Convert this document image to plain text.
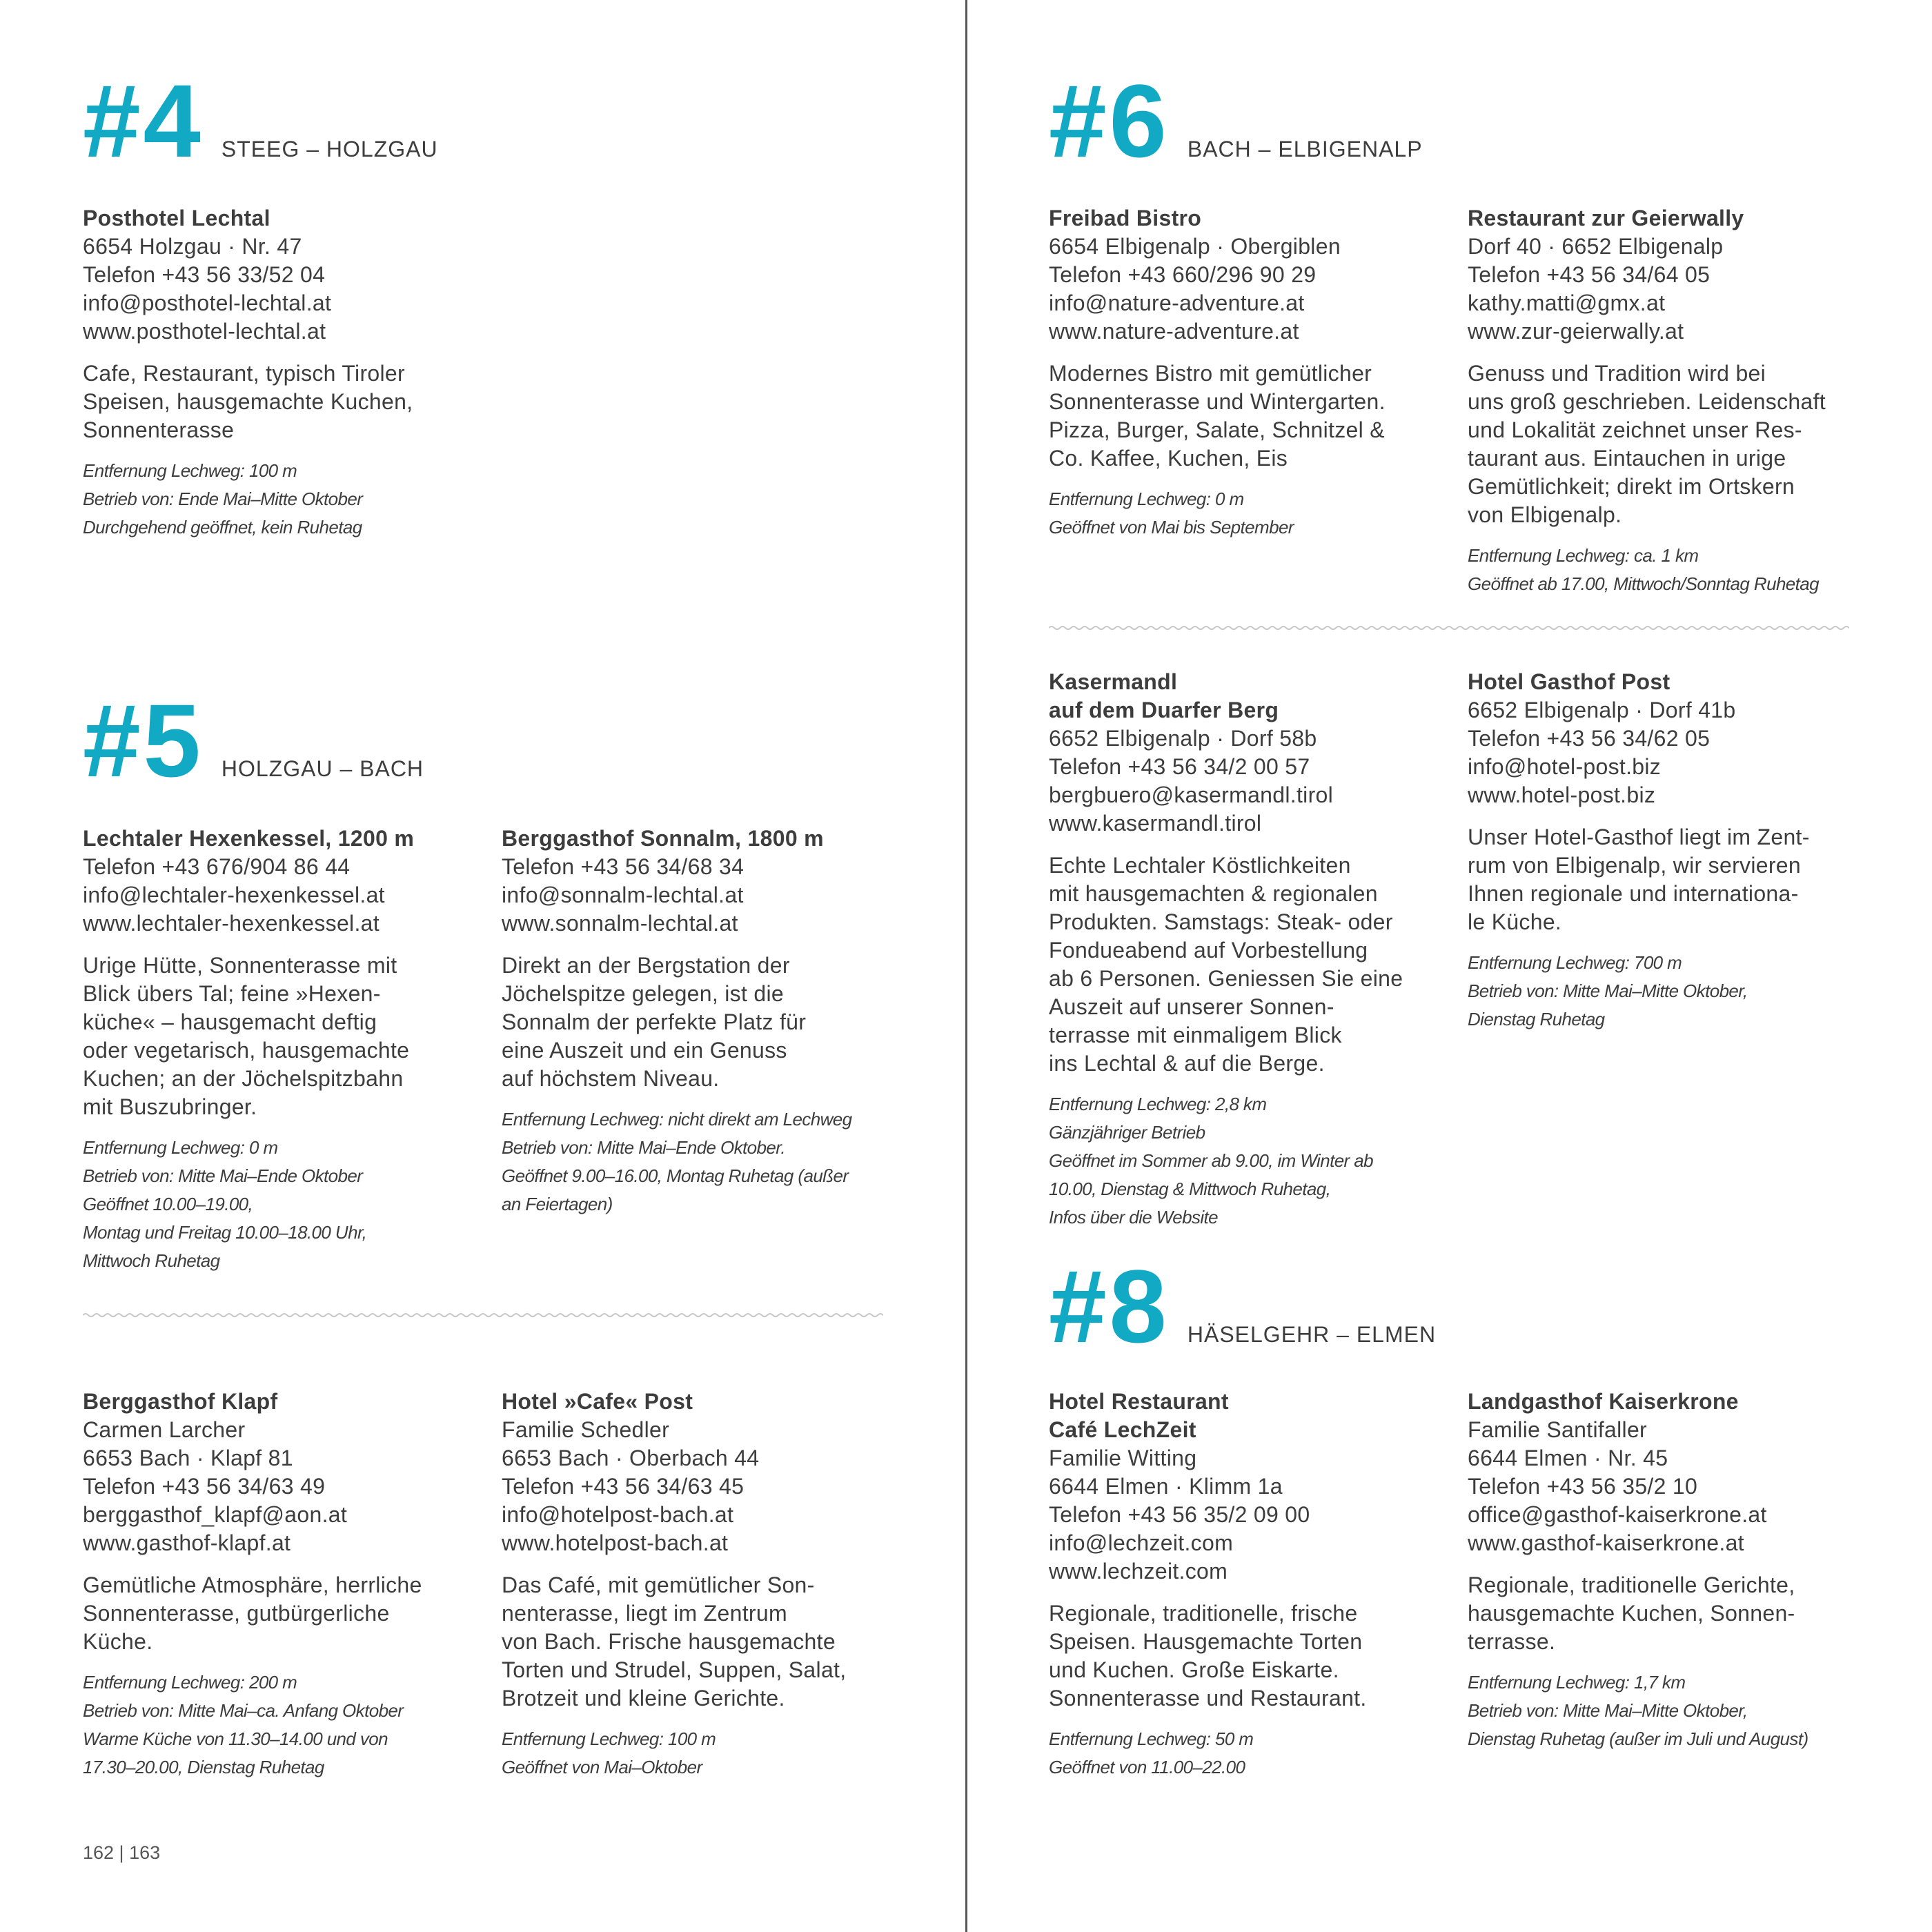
162 | 163
#4 STEEG – HOLZGAU
#5 HOLZGAU – BACH
#6 BACH – ELBIGENALP
#8 HÄSELGEHR – ELMEN
Posthotel Lechtal
6654 Holzgau · Nr. 47
Telefon +43 56 33/52 04
info@posthotel-lechtal.at
www.posthotel-lechtal.at
Cafe, Restaurant, typisch Tiroler
Speisen, hausgemachte Kuchen,
Sonnenterasse
Entfernung Lechweg: 100 m
Betrieb von: Ende Mai–Mitte Oktober
Durchgehend geöffnet, kein Ruhetag
Lechtaler Hexenkessel, 1200 m
Telefon +43 676/904 86 44
info@lechtaler-hexenkessel.at
www.lechtaler-hexenkessel.at
Urige Hütte, Sonnenterasse mit
Blick übers Tal; feine »Hexen-
küche« – hausgemacht deftig
oder vegetarisch, hausgemachte
Kuchen; an der Jöchelspitzbahn
mit Buszubringer.
Entfernung Lechweg: 0 m
Betrieb von: Mitte Mai–Ende Oktober
Geöffnet 10.00–19.00,
Montag und Freitag 10.00–18.00 Uhr,
Mittwoch Ruhetag
Berggasthof Sonnalm, 1800 m
Telefon +43 56 34/68 34
info@sonnalm-lechtal.at
www.sonnalm-lechtal.at
Direkt an der Bergstation der
Jöchelspitze gelegen, ist die
Sonnalm der perfekte Platz für
eine Auszeit und ein Genuss
auf höchstem Niveau.
Entfernung Lechweg: nicht direkt am Lechweg
Betrieb von: Mitte Mai–Ende Oktober.
Geöffnet 9.00–16.00, Montag Ruhetag (außer
an Feiertagen)
Berggasthof Klapf
Carmen Larcher
6653 Bach · Klapf 81
Telefon +43 56 34/63 49
berggasthof_klapf@aon.at
www.gasthof-klapf.at
Gemütliche Atmosphäre, herrliche
Sonnenterasse, gutbürgerliche
Küche.
Entfernung Lechweg: 200 m
Betrieb von: Mitte Mai–ca. Anfang Oktober
Warme Küche von 11.30–14.00 und von
17.30–20.00, Dienstag Ruhetag
Hotel »Cafe« Post
Familie Schedler
6653 Bach · Oberbach 44
Telefon +43 56 34/63 45
info@hotelpost-bach.at
www.hotelpost-bach.at
Das Café, mit gemütlicher Son-
nenterasse, liegt im Zentrum
von Bach. Frische hausgemachte
Torten und Strudel, Suppen, Salat,
Brotzeit und kleine Gerichte.
Entfernung Lechweg: 100 m
Geöffnet von Mai–Oktober
Freibad Bistro
6654 Elbigenalp · Obergiblen
Telefon +43 660/296 90 29
info@nature-adventure.at
www.nature-adventure.at
Modernes Bistro mit gemütlicher
Sonnenterasse und Wintergarten.
Pizza, Burger, Salate, Schnitzel &
Co. Kaffee, Kuchen, Eis
Entfernung Lechweg: 0 m
Geöffnet von Mai bis September
Restaurant zur Geierwally
Dorf 40 · 6652 Elbigenalp
Telefon +43 56 34/64 05
kathy.matti@gmx.at
www.zur-geierwally.at
Genuss und Tradition wird bei
uns groß geschrieben. Leidenschaft
und Lokalität zeichnet unser Res-
taurant aus. Eintauchen in urige
Gemütlichkeit; direkt im Ortskern
von Elbigenalp.
Entfernung Lechweg: ca. 1 km
Geöffnet ab 17.00, Mittwoch/Sonntag Ruhetag
Kasermandl
auf dem Duarfer Berg
6652 Elbigenalp · Dorf 58b
Telefon +43 56 34/2 00 57
bergbuero@kasermandl.tirol
www.kasermandl.tirol
Echte Lechtaler Köstlichkeiten
mit hausgemachten & regionalen
Produkten. Samstags: Steak- oder
Fondueabend auf Vorbestellung
ab 6 Personen. Geniessen Sie eine
Auszeit auf unserer Sonnen-
terrasse mit einmaligem Blick
ins Lechtal & auf die Berge.
Entfernung Lechweg: 2,8 km
Gänzjähriger Betrieb
Geöffnet im Sommer ab 9.00, im Winter ab
10.00, Dienstag & Mittwoch Ruhetag,
Infos über die Website
Hotel Gasthof Post
6652 Elbigenalp · Dorf 41b
Telefon +43 56 34/62 05
info@hotel-post.biz
www.hotel-post.biz
Unser Hotel-Gasthof liegt im Zent-
rum von Elbigenalp, wir servieren
Ihnen regionale und internationa-
le Küche.
Entfernung Lechweg: 700 m
Betrieb von: Mitte Mai–Mitte Oktober,
Dienstag Ruhetag
Hotel Restaurant
Café LechZeit
Familie Witting
6644 Elmen · Klimm 1a
Telefon +43 56 35/2 09 00
info@lechzeit.com
www.lechzeit.com
Regionale, traditionelle, frische
Speisen. Hausgemachte Torten
und Kuchen. Große Eiskarte.
Sonnenterasse und Restaurant.
Entfernung Lechweg: 50 m
Geöffnet von 11.00–22.00
Landgasthof Kaiserkrone
Familie Santifaller
6644 Elmen · Nr. 45
Telefon +43 56 35/2 10
office@gasthof-kaiserkrone.at
www.gasthof-kaiserkrone.at
Regionale, traditionelle Gerichte,
hausgemachte Kuchen, Sonnen-
terrasse.
Entfernung Lechweg: 1,7 km
Betrieb von: Mitte Mai–Mitte Oktober,
Dienstag Ruhetag (außer im Juli und August)
